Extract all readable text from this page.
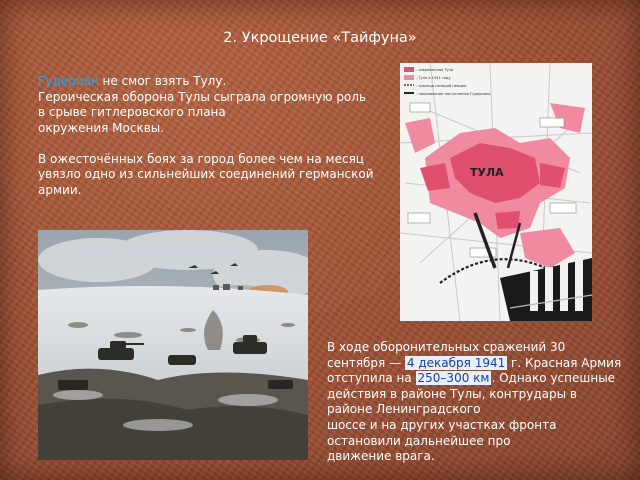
2. Укрощение «Тайфуна»

Гудериан не смог взять Тулу.

Героическая оборона Тулы сыграла огромную роль

в срыве гитлеровского плана

окружения Москвы.

В ожесточённых боях за город более чем на месяц

увязло одно из сильнейших соединений германской

армии.

ТУЛА
- современная Тула
- Тула в 1941 году
- граница позиций немцев
- направление наступления Гудериана

В ходе оборонительных сражений 30

сентября — 4 декабря 1941 г. Красная Армия

отступила на 250–300 км . Однако успешные

действия в районе Тулы, контрудары в

районе Ленинградского

шоссе и на других участках фронта

остановили дальнейшее про

движение врага.
